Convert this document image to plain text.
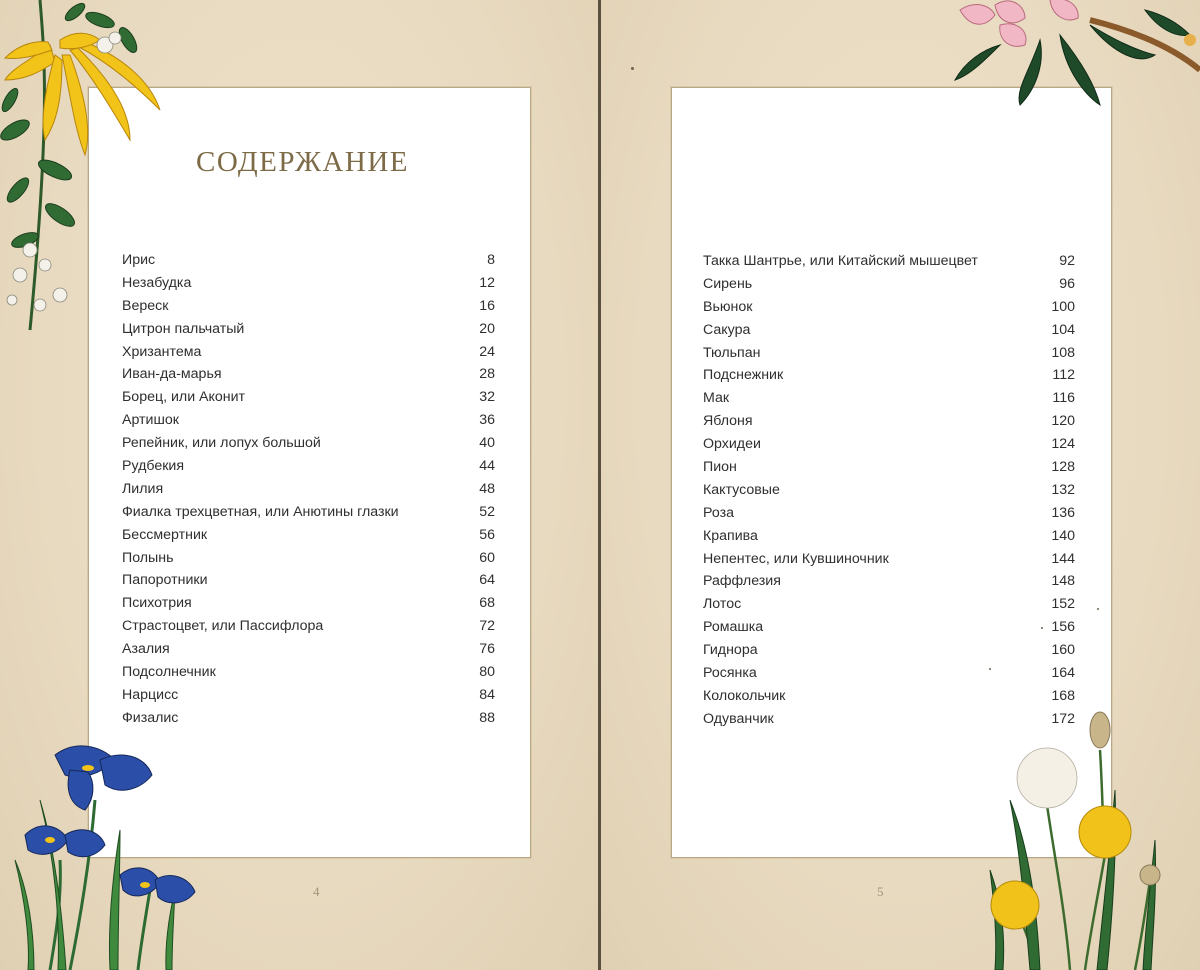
СОДЕРЖАНИЕ
Ирис	8
Незабудка	12
Вереск	16
Цитрон пальчатый	20
Хризантема	24
Иван-да-марья	28
Борец, или Аконит	32
Артишок	36
Репейник, или лопух большой	40
Рудбекия	44
Лилия	48
Фиалка трехцветная, или Анютины глазки	52
Бессмертник	56
Полынь	60
Папоротники	64
Психотрия	68
Страстоцвет, или Пассифлора	72
Азалия	76
Подсолнечник	80
Нарцисс	84
Физалис	88
Такка Шантрье, или Китайский мышецвет	92
Сирень	96
Вьюнок	100
Сакура	104
Тюльпан	108
Подснежник	112
Мак	116
Яблоня	120
Орхидеи	124
Пион	128
Кактусовые	132
Роза	136
Крапива	140
Непентес, или Кувшиночник	144
Раффлезия	148
Лотос	152
Ромашка	156
Гиднора	160
Росянка	164
Колокольчик	168
Одуванчик	172
4	5
